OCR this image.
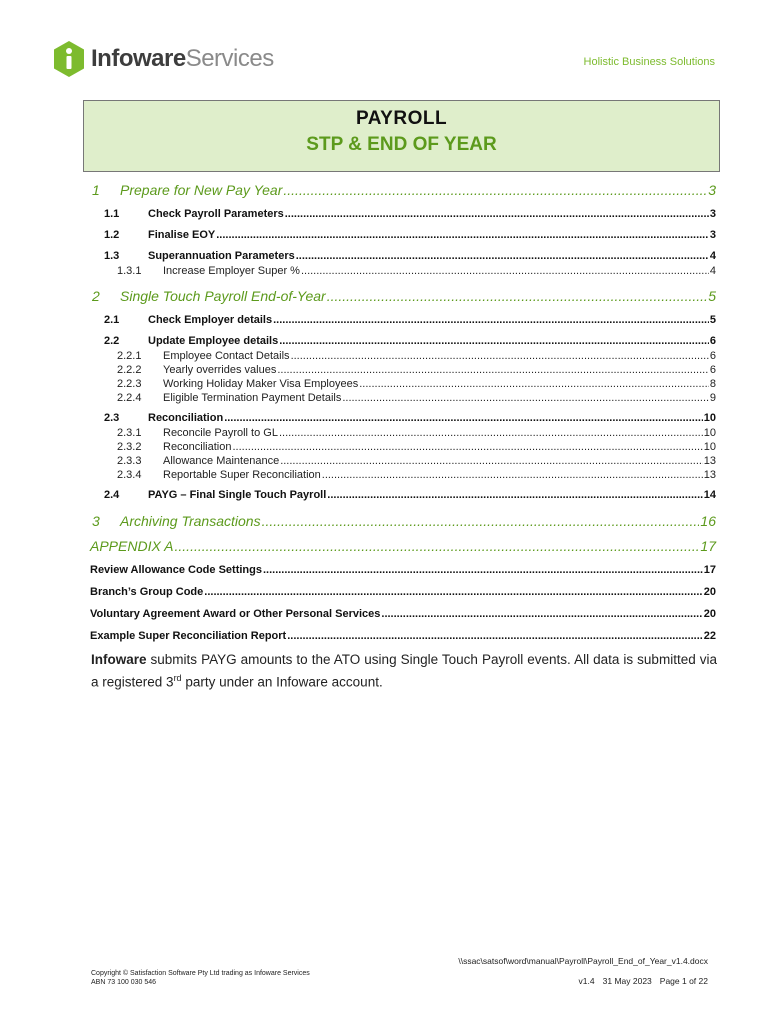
InfowareServices	Holistic Business Solutions
PAYROLL
STP & END OF YEAR
1	Prepare for New Pay Year .....	3
1.1	Check Payroll Parameters .....	3
1.2	Finalise EOY .....	3
1.3	Superannuation Parameters .....	4
1.3.1	Increase Employer Super % .....	4
2	Single Touch Payroll End-of-Year .....	5
2.1	Check Employer details .....	5
2.2	Update Employee details .....	6
2.2.1	Employee Contact Details .....	6
2.2.2	Yearly overrides values .....	6
2.2.3	Working Holiday Maker Visa Employees .....	8
2.2.4	Eligible Termination Payment Details .....	9
2.3	Reconciliation .....	10
2.3.1	Reconcile Payroll to GL .....	10
2.3.2	Reconciliation .....	10
2.3.3	Allowance Maintenance .....	13
2.3.4	Reportable Super Reconciliation .....	13
2.4	PAYG – Final Single Touch Payroll .....	14
3	Archiving Transactions .....	16
APPENDIX A .....	17
Review Allowance Code Settings .....	17
Branch’s Group Code .....	20
Voluntary Agreement Award or Other Personal Services .....	20
Example Super Reconciliation Report .....	22
Infoware submits PAYG amounts to the ATO using Single Touch Payroll events. All data is submitted via a registered 3rd party under an Infoware account.
\\ssac\satsof\word\manual\Payroll\Payroll_End_of_Year_v1.4.docx
Copyright © Satisfaction Software Pty Ltd trading as Infoware Services
ABN 73 100 030 546	v1.4 31 May 2023 Page 1 of 22
